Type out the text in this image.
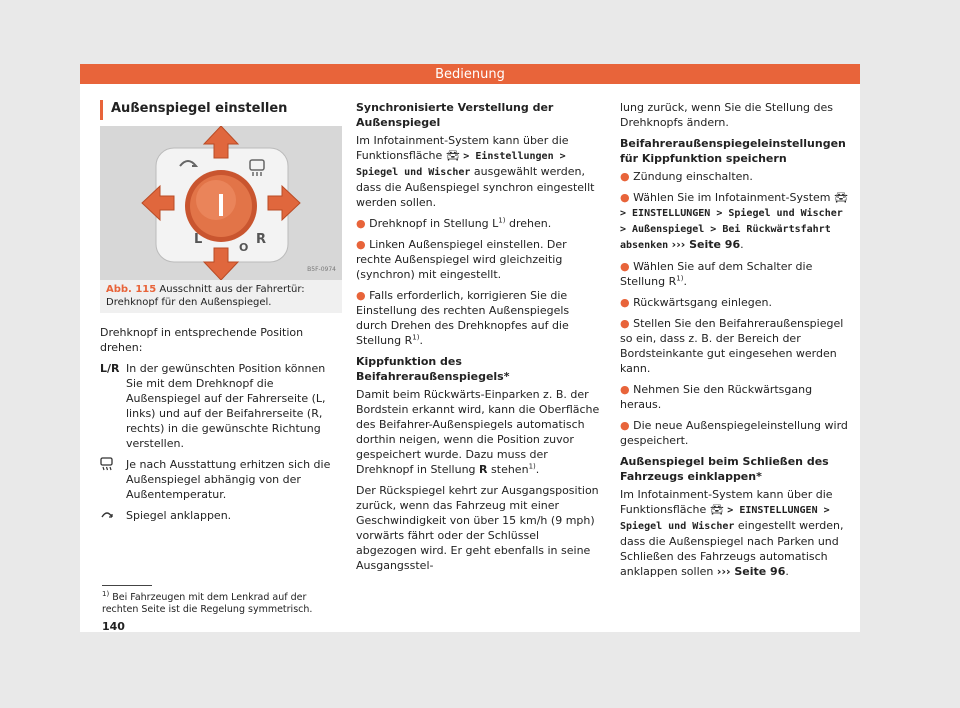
Bedienung
Außenspiegel einstellen
L	R
O
B5F-0974
Abb. 115 Ausschnitt aus der Fahrertür: Drehknopf für den Außenspiegel.

Drehknopf in entsprechende Position drehen:

L/R In der gewünschten Position können Sie mit dem Drehknopf die Außenspiegel auf der Fahrerseite (L, links) und auf der Beifahrerseite (R, rechts) in die gewünschte Richtung verstellen.
Je nach Ausstattung erhitzen sich die Außenspiegel abhängig von der Außentemperatur.
Spiegel anklappen.

Synchronisierte Verstellung der Außenspiegel

Im Infotainment-System kann über die Funktionsfläche 🚘︎ > Einstellungen > Spiegel und Wischer ausgewählt werden, dass die Außenspiegel synchron eingestellt werden sollen.

● Drehknopf in Stellung $L^{1)}$ drehen.

● Linken Außenspiegel einstellen. Der rechte Außenspiegel wird gleichzeitig (synchron) mit eingestellt.

● Falls erforderlich, korrigieren Sie die Einstellung des rechten Außenspiegels durch Drehen des Drehknopfes auf die Stellung $R^{1)}$.

Kippfunktion des Beifahreraußenspiegels*

Damit beim Rückwärts-Einparken z. B. der Bordstein erkannt wird, kann die Oberfläche des Beifahrer-Außenspiegels automatisch dorthin neigen, wenn die Position zuvor gespeichert wurde. Dazu muss der Drehknopf in Stellung R stehen$^{1)}$.

Der Rückspiegel kehrt zur Ausgangsposition zurück, wenn das Fahrzeug mit einer Geschwindigkeit von über 15 km/h (9 mph) vorwärts fährt oder der Schlüssel abgezogen wird. Er geht ebenfalls in seine Ausgangsstel-

lung zurück, wenn Sie die Stellung des Drehknopfs ändern.

Beifahreraußenspiegeleinstellungen für Kippfunktion speichern

● Zündung einschalten.

● Wählen Sie im Infotainment-System 🚘︎ > EINSTELLUNGEN > Spiegel und Wischer > Außenspiegel > Bei Rückwärtsfahrt absenken ››› Seite 96.

● Wählen Sie auf dem Schalter die Stellung $R^{1)}$.

● Rückwärtsgang einlegen.

● Stellen Sie den Beifahreraußenspiegel so ein, dass z. B. der Bereich der Bordsteinkante gut eingesehen werden kann.

● Nehmen Sie den Rückwärtsgang heraus.

● Die neue Außenspiegeleinstellung wird gespeichert.

Außenspiegel beim Schließen des Fahrzeugs einklappen*

Im Infotainment-System kann über die Funktionsfläche 🚘︎ > EINSTELLUNGEN > Spiegel und Wischer eingestellt werden, dass die Außenspiegel nach Parken und Schließen des Fahrzeugs automatisch anklappen sollen ››› Seite 96.

$^{1)}$ Bei Fahrzeugen mit dem Lenkrad auf der rechten Seite ist die Regelung symmetrisch.
140
